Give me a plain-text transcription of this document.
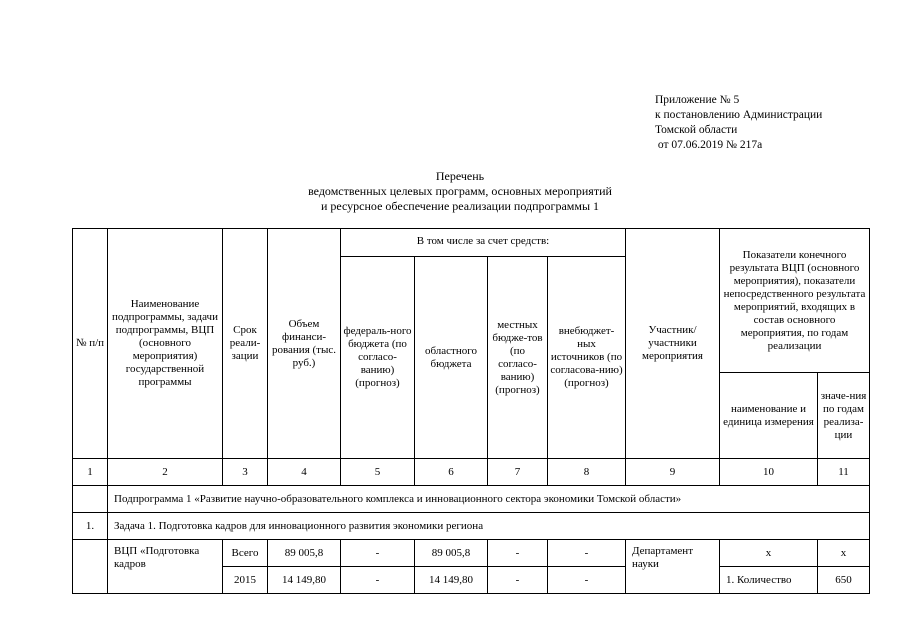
Приложение № 5
к постановлению Администрации
Томской области
от 07.06.2019 № 217а
Перечень
ведомственных целевых программ, основных мероприятий
и ресурсное обеспечение реализации подпрограммы 1
№ п/п	Наименование подпрограммы, задачи подпрограммы, ВЦП (основного мероприятия) государственной программы	Срок реали-зации	Объем финанси-рования (тыс. руб.)	В том числе за счет средств:				Участник/ участники мероприятия	Показатели конечного результата ВЦП (основного мероприятия), показатели непосредственного результата мероприятий, входящих в состав основного мероприятия, по годам реализации	
				федераль-ного бюджета (по согласо-ванию) (прогноз)	областного бюджета	местных бюдже-тов (по согласо-ванию) (прогноз)	внебюджет-ных источников (по согласова-нию) (прогноз)			
									наименование и единица измерения	значе-ния по годам реализа-ции
1	2	3	4	5	6	7	8	9	10	11
	Подпрограмма 1 «Развитие научно-образовательного комплекса и инновационного сектора экономики Томской области»									
1.	Задача 1. Подготовка кадров для инновационного развития экономики региона									
	ВЦП «Подготовка кадров	Всего	89 005,8	-	89 005,8	-	-	Департамент науки	х	х
		2015	14 149,80	-	14 149,80	-	-		1. Количество	650
